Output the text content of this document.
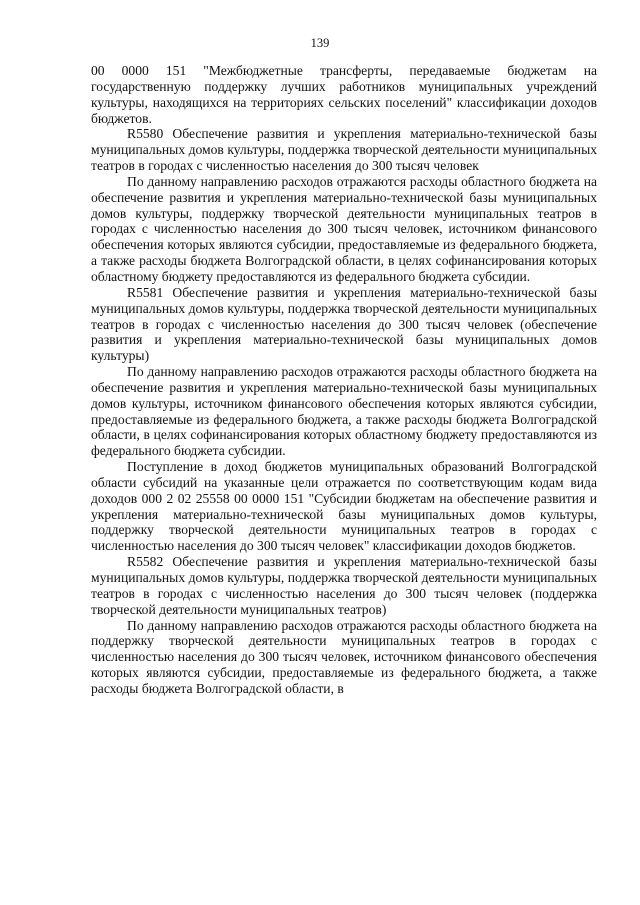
139

00 0000 151 "Межбюджетные трансферты, передаваемые бюджетам на государственную поддержку лучших работников муниципальных учреждений культуры, находящихся на территориях сельских поселений" классификации доходов бюджетов.

R5580 Обеспечение развития и укрепления материально-технической базы муниципальных домов культуры, поддержка творческой деятельности муниципальных театров в городах с численностью населения до 300 тысяч человек

По данному направлению расходов отражаются расходы областного бюджета на обеспечение развития и укрепления материально-технической базы муниципальных домов культуры, поддержку творческой деятельности муниципальных театров в городах с численностью населения до 300 тысяч человек, источником финансового обеспечения которых являются субсидии, предоставляемые из федерального бюджета, а также расходы бюджета Волгоградской области, в целях софинансирования которых областному бюджету предоставляются из федерального бюджета субсидии.

R5581 Обеспечение развития и укрепления материально-технической базы муниципальных домов культуры, поддержка творческой деятельности муниципальных театров в городах с численностью населения до 300 тысяч человек (обеспечение развития и укрепления материально-технической базы муниципальных домов культуры)

По данному направлению расходов отражаются расходы областного бюджета на обеспечение развития и укрепления материально-технической базы муниципальных домов культуры, источником финансового обеспечения которых являются субсидии, предоставляемые из федерального бюджета, а также расходы бюджета Волгоградской области, в целях софинансирования которых областному бюджету предоставляются из федерального бюджета субсидии.

Поступление в доход бюджетов муниципальных образований Волгоградской области субсидий на указанные цели отражается по соответствующим кодам вида доходов 000 2 02 25558 00 0000 151 "Субсидии бюджетам на обеспечение развития и укрепления материально-технической базы муниципальных домов культуры, поддержку творческой деятельности муниципальных театров в городах с численностью населения до 300 тысяч человек" классификации доходов бюджетов.

R5582 Обеспечение развития и укрепления материально-технической базы муниципальных домов культуры, поддержка творческой деятельности муниципальных театров в городах с численностью населения до 300 тысяч человек (поддержка творческой деятельности муниципальных театров)

По данному направлению расходов отражаются расходы областного бюджета на поддержку творческой деятельности муниципальных театров в городах с численностью населения до 300 тысяч человек, источником финансового обеспечения которых являются субсидии, предоставляемые из федерального бюджета, а также расходы бюджета Волгоградской области, в
